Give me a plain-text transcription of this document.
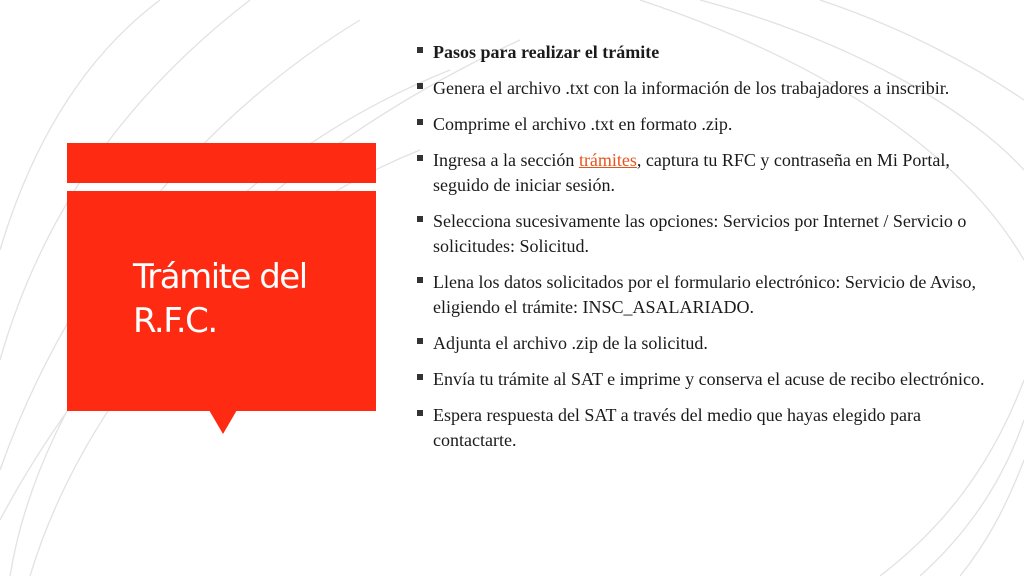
Trámite del
R.F.C.
Pasos para realizar el trámite
Genera el archivo .txt con la información de los trabajadores a inscribir.
Comprime el archivo .txt en formato .zip.
Ingresa a la sección trámites, captura tu RFC y contraseña en Mi Portal, seguido de iniciar sesión.
Selecciona sucesivamente las opciones: Servicios por Internet / Servicio o solicitudes: Solicitud.
Llena los datos solicitados por el formulario electrónico: Servicio de Aviso, eligiendo el trámite: INSC_ASALARIADO.
Adjunta el archivo .zip de la solicitud.
Envía tu trámite al SAT e imprime y conserva el acuse de recibo electrónico.
Espera respuesta del SAT a través del medio que hayas elegido para contactarte.
